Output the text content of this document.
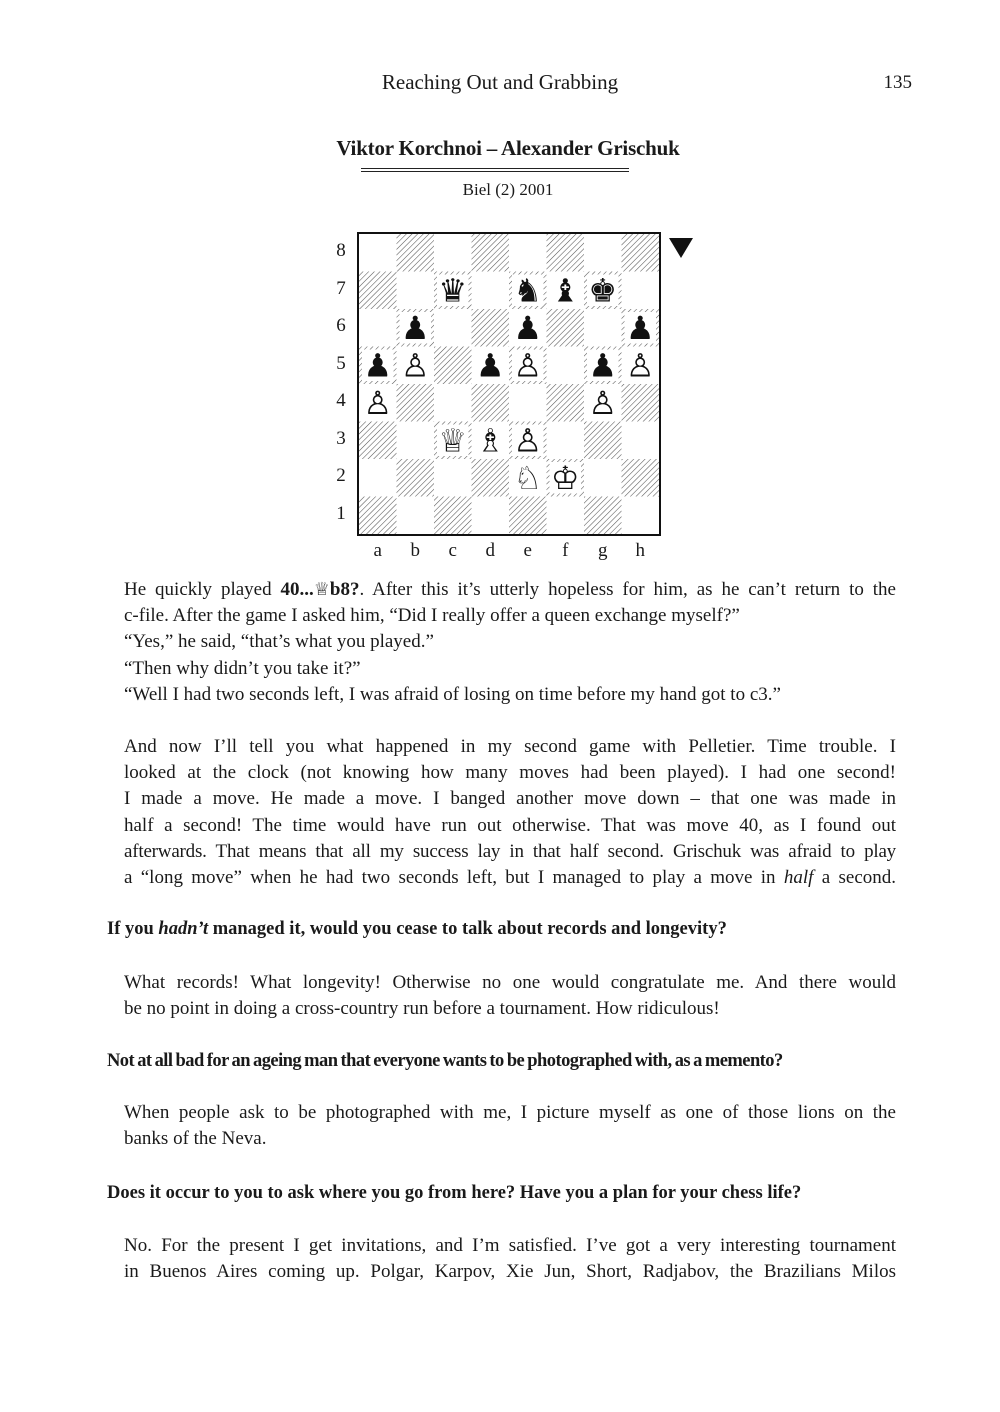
Reaching Out and Grabbing	135
Viktor Korchnoi – Alexander Grischuk
Biel (2) 2001
8
7
6
5
4
3
2
1
a	b	c	d	e	f	g	h
♛ ♞ ♝ ♚
♟	♟	♟
♟	♟	♟
♙	♙	♙
♙	♙
♕ ♗ ♙
♘ ♔

He quickly played 40...♕b8?. After this it’s utterly hopeless for him, as he can’t return to the

c-file. After the game I asked him, “Did I really offer a queen exchange myself?”

“Yes,” he said, “that’s what you played.”

“Then why didn’t you take it?”

“Well I had two seconds left, I was afraid of losing on time before my hand got to c3.”

And now I’ll tell you what happened in my second game with Pelletier. Time trouble. I
looked at the clock (not knowing how many moves had been played). I had one second!
I made a move. He made a move. I banged another move down – that one was made in
half a second! The time would have run out otherwise. That was move 40, as I found out
afterwards. That means that all my success lay in that half second. Grischuk was afraid to play
a “long move” when he had two seconds left, but I managed to play a move in half a second.
If you hadn’t managed it, would you cease to talk about records and longevity?
What records! What longevity! Otherwise no one would congratulate me. And there would
be no point in doing a cross-country run before a tournament. How ridiculous!
Not at all bad for an ageing man that everyone wants to be photographed with, as a memento?
When people ask to be photographed with me, I picture myself as one of those lions on the
banks of the Neva.
Does it occur to you to ask where you go from here? Have you a plan for your chess life?
No. For the present I get invitations, and I’m satisfied. I’ve got a very interesting tournament
in Buenos Aires coming up. Polgar, Karpov, Xie Jun, Short, Radjabov, the Brazilians Milos
